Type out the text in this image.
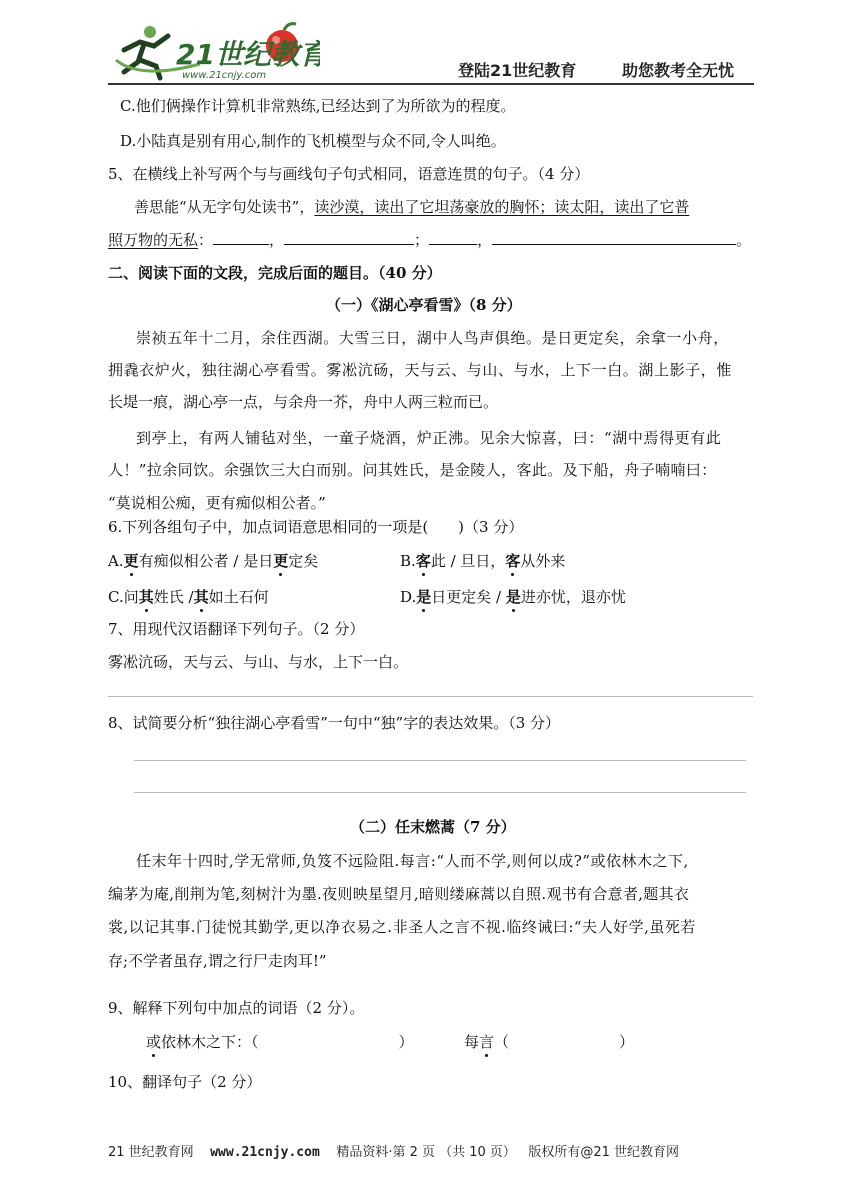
21世纪教育
www.21cnjy.com	登陆21世纪教育	助您教考全无忧
C.他们俩操作计算机非常熟练,已经达到了为所欲为的程度。
D.小陆真是别有用心,制作的飞机模型与众不同,令人叫绝。
5、在横线上补写两个与与画线句子句式相同，语意连贯的句子。（4 分）
善思能“从无字句处读书”，读沙漠，读出了它坦荡豪放的胸怀；读太阳，读出了它普
照万物的无私：	，	；	，	。
二、阅读下面的文段，完成后面的题目。（40 分）
（一）《湖心亭看雪》（8 分）
崇祯五年十二月，余住西湖。大雪三日，湖中人鸟声俱绝。是日更定矣，余拿一小舟，
拥毳衣炉火，独往湖心亭看雪。雾凇沆砀，天与云、与山、与水，上下一白。湖上影子，惟
长堤一痕，湖心亭一点，与余舟一芥，舟中人两三粒而已。
到亭上，有两人铺毡对坐，一童子烧酒，炉正沸。见余大惊喜，曰：“湖中焉得更有此
人！”拉余同饮。余强饮三大白而别。问其姓氏，是金陵人，客此。及下船，舟子喃喃曰：
“莫说相公痴，更有痴似相公者。”
6.下列各组句子中，加点词语意思相同的一项是(　　)（3 分）
A.更有痴似相公者 / 是日更定矣	B.客此 / 旦日，客从外来
C.问其姓氏 /其如土石何	D.是日更定矣 / 是进亦忧，退亦忧
7、用现代汉语翻译下列句子。（2 分）
雾凇沆砀，天与云、与山、与水，上下一白。
8、试简要分析“独往湖心亭看雪”一句中“独”字的表达效果。（3 分）
（二）任末燃蒿（7 分）
任末年十四时,学无常师,负笈不远险阻.每言:“人而不学,则何以成?”或依林木之下,
编茅为庵,削荆为笔,刻树汁为墨.夜则映星望月,暗则缕麻蒿以自照.观书有合意者,题其衣
裳,以记其事.门徒悦其勤学,更以净衣易之.非圣人之言不视.临终诫曰:“夫人好学,虽死若
存;不学者虽存,谓之行尸走肉耳!”
9、解释下列句中加点的词语（2 分）。
或依林木之下：（	）	每言（	）
10、翻译句子（2 分）
21 世纪教育网 www.21cnjy.com 精品资料·第 2 页 （共 10 页） 版权所有@21 世纪教育网
